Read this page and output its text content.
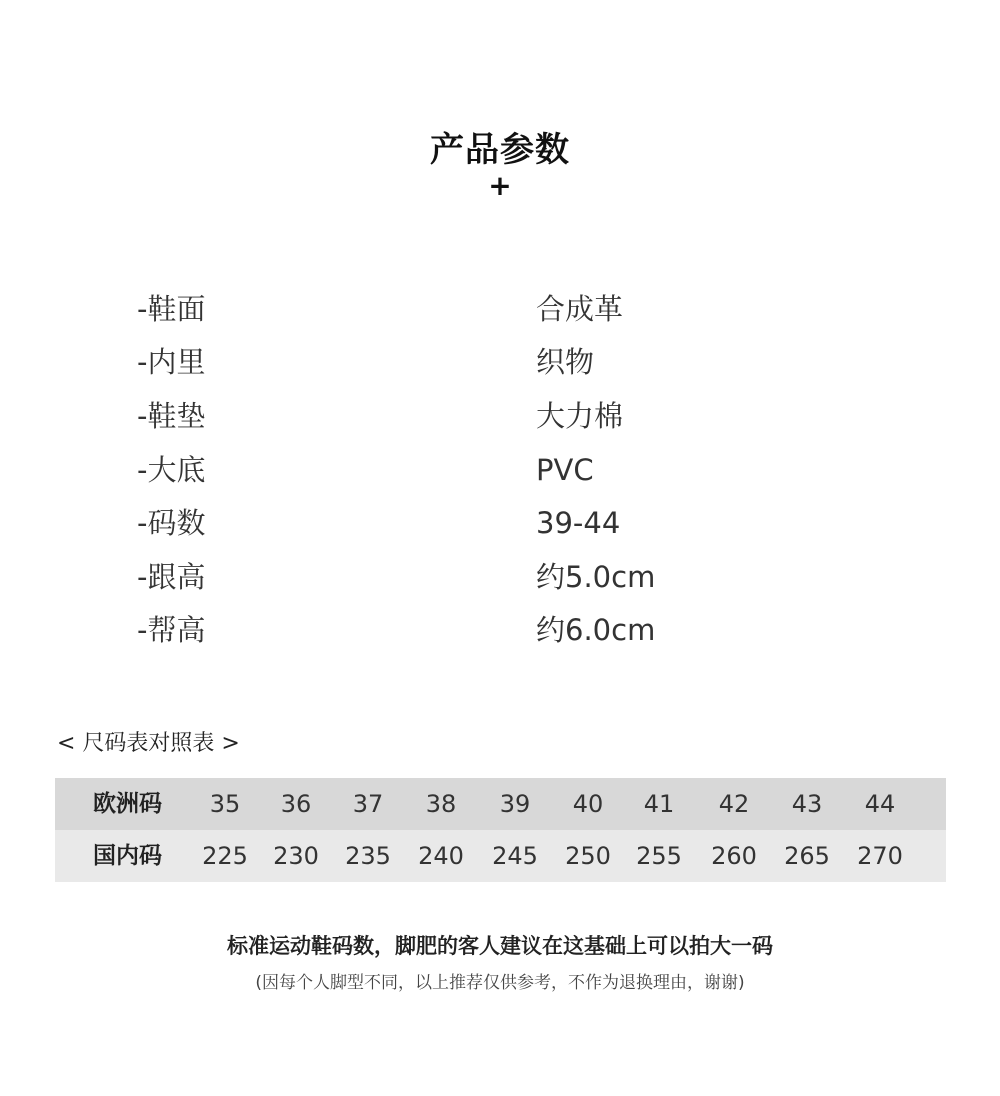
产品参数
+
-鞋面	合成革
-内里	织物
-鞋垫	大力棉
-大底	PVC
-码数	39-44
-跟高	约5.0cm
-帮高	约6.0cm
< 尺码表对照表 >
欧洲码	35	36	37	38	39	40	41	42	43	44
国内码	225	230	235	240	245	250	255	260	265	270
标准运动鞋码数，脚肥的客人建议在这基础上可以拍大一码
(因每个人脚型不同，以上推荐仅供参考，不作为退换理由，谢谢)
